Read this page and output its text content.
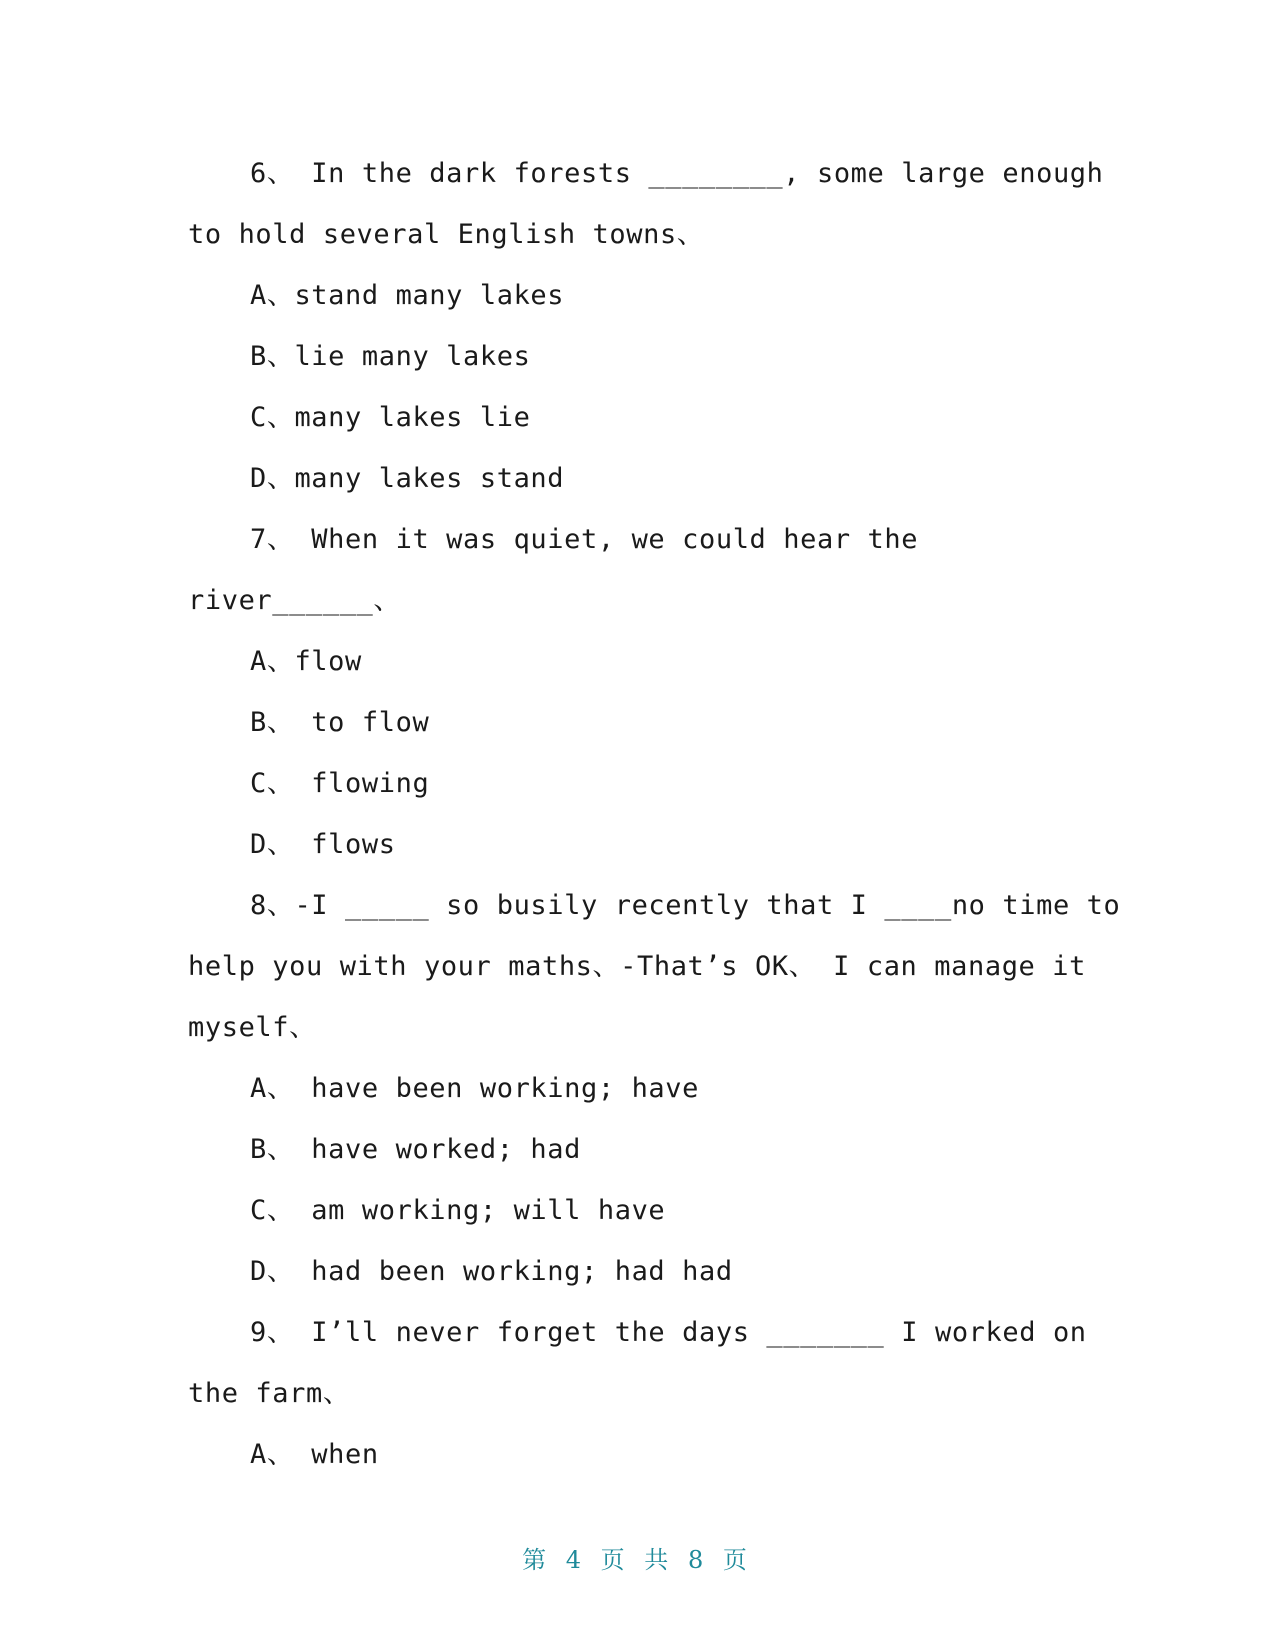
6、 In the dark forests ________, some large enough
to hold several English towns、
A、stand many lakes
B、lie many lakes
C、many lakes lie
D、many lakes stand
7、 When it was quiet, we could hear the
river______、
A、flow
B、 to flow
C、 flowing
D、 flows
8、-I _____ so busily recently that I ____no time to
help you with your maths、-That’s OK、 I can manage it
myself、
A、 have been working; have
B、 have worked; had
C、 am working; will have
D、 had been working; had had
9、 I’ll never forget the days _______ I worked on
the farm、
A、 when
第 4 页 共 8 页
